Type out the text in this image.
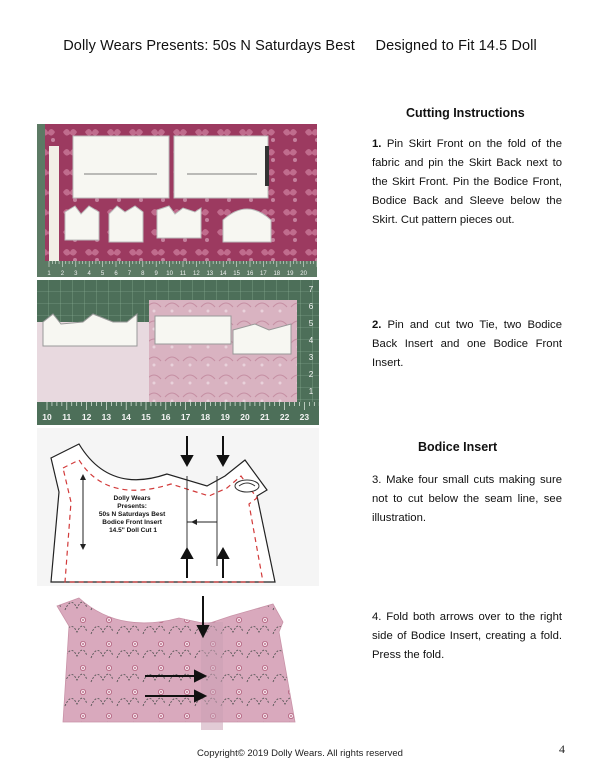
Dolly Wears Presents: 50s N Saturdays Best     Designed to Fit 14.5 Doll
Cutting Instructions
1. Pin Skirt Front on the fold of the fabric and pin the Skirt Back next to the Skirt Front. Pin the Bodice Front, Bodice Back and Sleeve below the Skirt. Cut pattern pieces out.
2. Pin and cut two Tie, two Bodice Back Insert and one Bodice Front Insert.
Bodice Insert
3. Make four small cuts making sure not to cut below the seam line, see illustration.
4. Fold both arrows over to the right side of Bodice Insert, creating a fold. Press the fold.
1 2 3 4 5 6 7 8 9 10 11 12 13 14 15 16 17 18 19 20
10 11 12 13 14 15 16 17 18 19 20 21 22 23
7
6
5
4
3
2
1
Dolly Wears Presents: 50s N Saturdays Best Bodice Front Insert 14.5" Doll Cut 1
Copyright© 2019 Dolly Wears. All rights reserved	4
